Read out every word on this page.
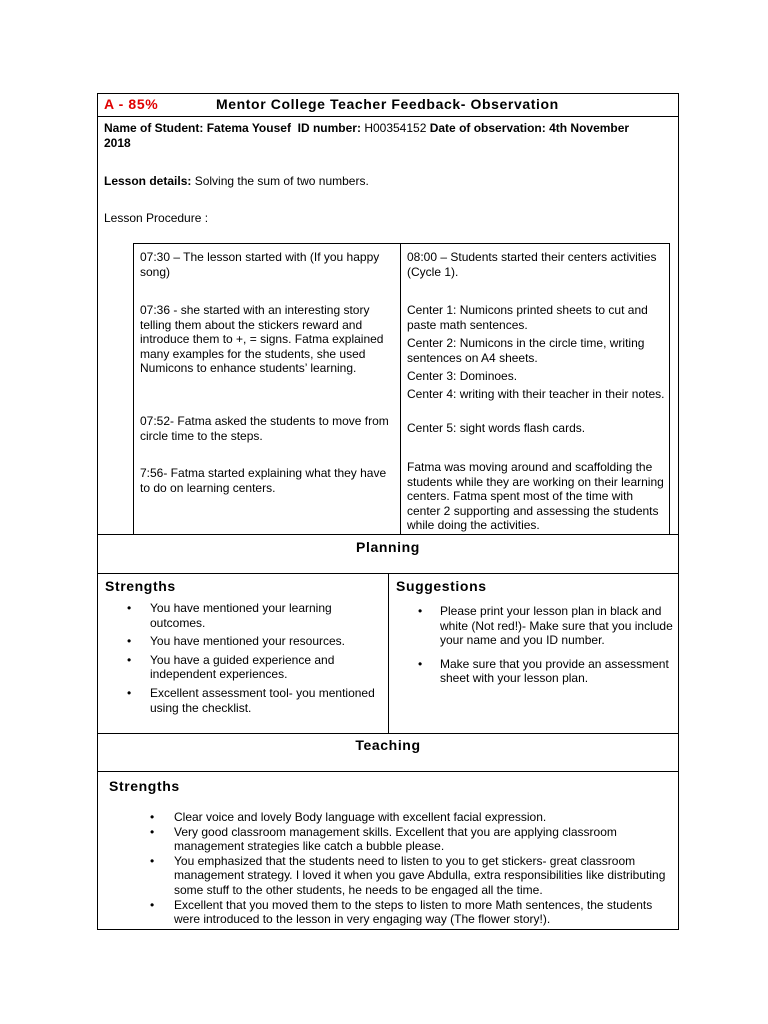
A - 85%	Mentor College Teacher Feedback- Observation
Name of Student: Fatema Yousef ID number: H00354152 Date of observation: 4th November
2018
Lesson details: Solving the sum of two numbers.
Lesson Procedure :
07:30 – The lesson started with (If you happy song)
07:36 - she started with an interesting story telling them about the stickers reward and introduce them to +, = signs. Fatma explained many examples for the students, she used Numicons to enhance students’ learning.
07:52- Fatma asked the students to move from circle time to the steps.
7:56- Fatma started explaining what they have to do on learning centers.
08:00 – Students started their centers activities (Cycle 1).
Center 1: Numicons printed sheets to cut and paste math sentences.
Center 2: Numicons in the circle time, writing sentences on A4 sheets.
Center 3: Dominoes.
Center 4: writing with their teacher in their notes.
Center 5: sight words flash cards.
Fatma was moving around and scaffolding the students while they are working on their learning centers. Fatma spent most of the time with center 2 supporting and assessing the students while doing the activities.
Planning
Strengths	Suggestions
• You have mentioned your learning outcomes.
• You have mentioned your resources.
• You have a guided experience and independent experiences.
• Excellent assessment tool- you mentioned using the checklist.
• Please print your lesson plan in black and white (Not red!)- Make sure that you include your name and you ID number.
• Make sure that you provide an assessment sheet with your lesson plan.
Teaching
Strengths
• Clear voice and lovely Body language with excellent facial expression.
• Very good classroom management skills. Excellent that you are applying classroom management strategies like catch a bubble please.
• You emphasized that the students need to listen to you to get stickers- great classroom management strategy. I loved it when you gave Abdulla, extra responsibilities like distributing some stuff to the other students, he needs to be engaged all the time.
• Excellent that you moved them to the steps to listen to more Math sentences, the students were introduced to the lesson in very engaging way (The flower story!).
